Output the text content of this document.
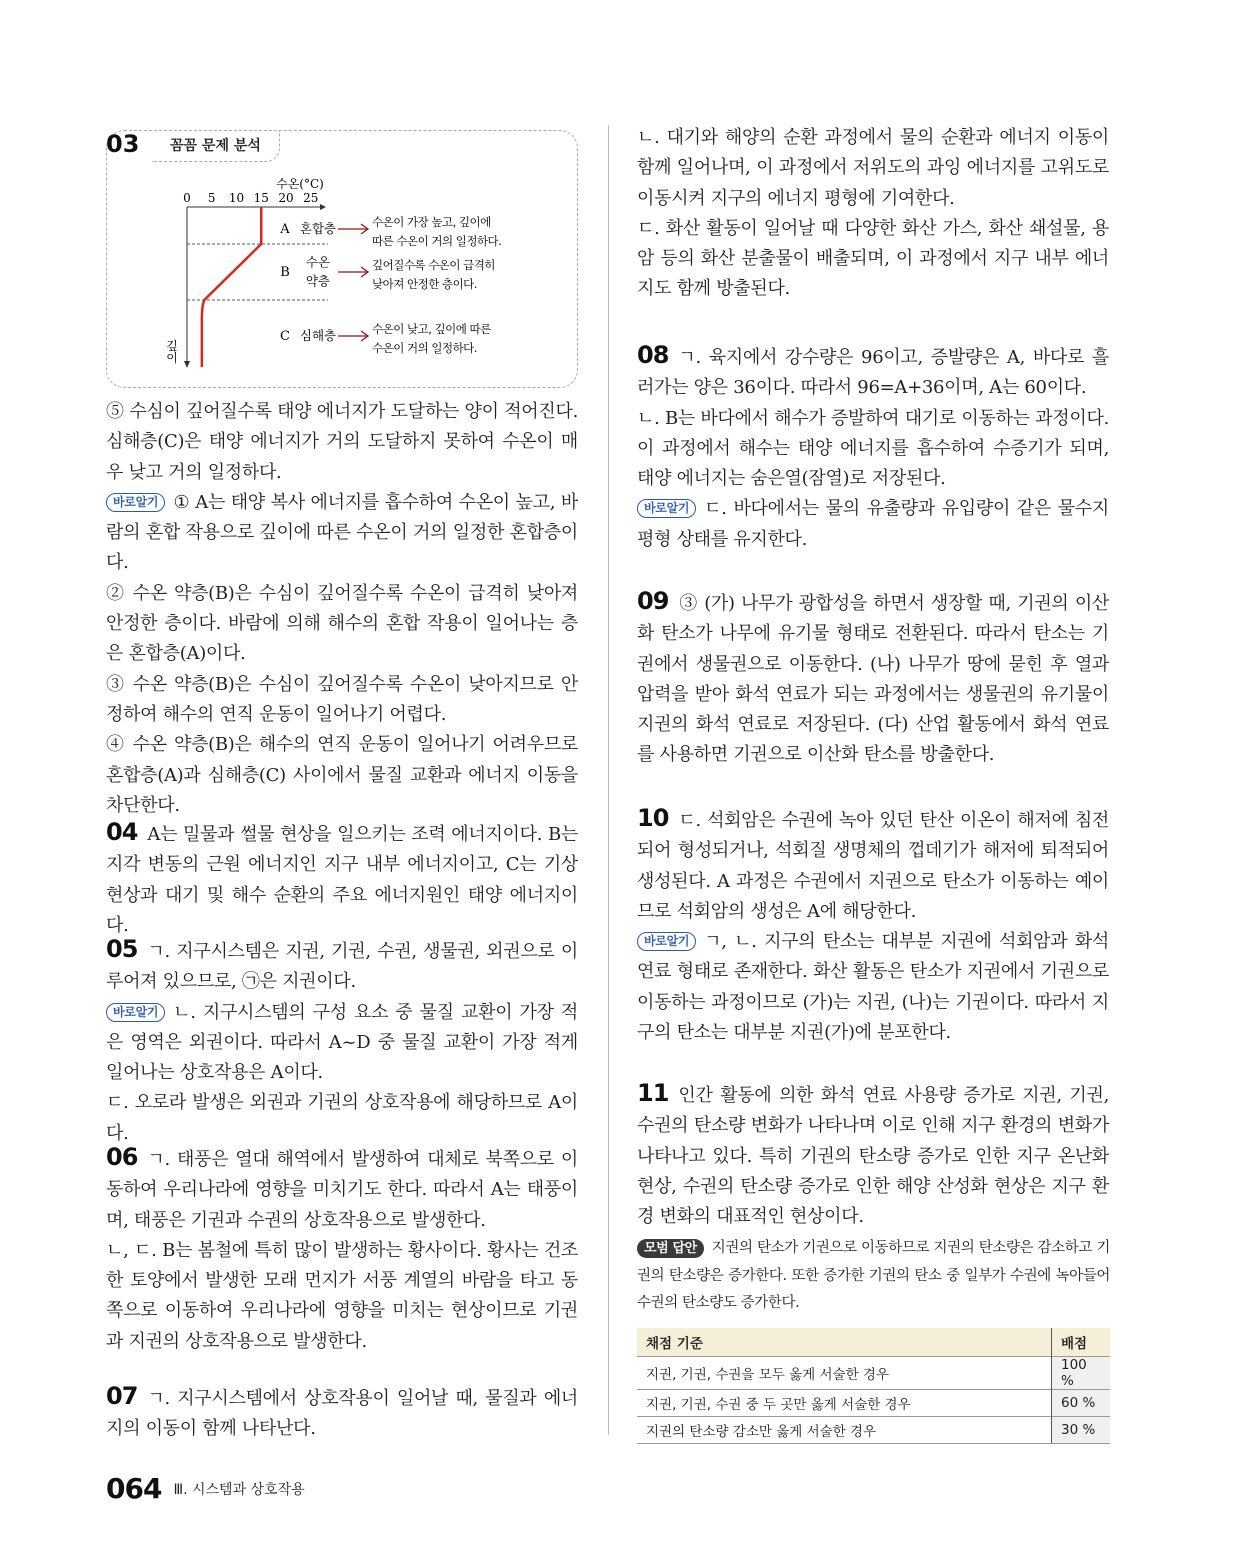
03	꼼꼼 문제 분석
수온(°C)
0 5 10 15 20 25
깊
이
A 혼합층	수온이 가장 높고, 깊이에
따른 수온이 거의 일정하다.
B
수온
약층
깊어질수록 수온이 급격히
낮아져 안정한 층이다.
C 심해층	수온이 낮고, 깊이에 따른
수온이 거의 일정하다.

⑤ 수심이 깊어질수록 태양 에너지가 도달하는 양이 적어진다. 심해층(C)은 태양 에너지가 거의 도달하지 못하여 수온이 매우 낮고 거의 일정하다.

바로알기 ① A는 태양 복사 에너지를 흡수하여 수온이 높고, 바람의 혼합 작용으로 깊이에 따른 수온이 거의 일정한 혼합층이다.

② 수온 약층(B)은 수심이 깊어질수록 수온이 급격히 낮아져 안정한 층이다. 바람에 의해 해수의 혼합 작용이 일어나는 층은 혼합층(A)이다.

③ 수온 약층(B)은 수심이 깊어질수록 수온이 낮아지므로 안정하여 해수의 연직 운동이 일어나기 어렵다.

④ 수온 약층(B)은 해수의 연직 운동이 일어나기 어려우므로 혼합층(A)과 심해층(C) 사이에서 물질 교환과 에너지 이동을 차단한다.

04 A는 밀물과 썰물 현상을 일으키는 조력 에너지이다. B는 지각 변동의 근원 에너지인 지구 내부 에너지이고, C는 기상 현상과 대기 및 해수 순환의 주요 에너지원인 태양 에너지이다.

05 ㄱ. 지구시스템은 지권, 기권, 수권, 생물권, 외권으로 이루어져 있으므로, ㉠은 지권이다.

바로알기 ㄴ. 지구시스템의 구성 요소 중 물질 교환이 가장 적은 영역은 외권이다. 따라서 A~D 중 물질 교환이 가장 적게 일어나는 상호작용은 A이다.

ㄷ. 오로라 발생은 외권과 기권의 상호작용에 해당하므로 A이다.

06 ㄱ. 태풍은 열대 해역에서 발생하여 대체로 북쪽으로 이동하여 우리나라에 영향을 미치기도 한다. 따라서 A는 태풍이며, 태풍은 기권과 수권의 상호작용으로 발생한다.

ㄴ, ㄷ. B는 봄철에 특히 많이 발생하는 황사이다. 황사는 건조한 토양에서 발생한 모래 먼지가 서풍 계열의 바람을 타고 동쪽으로 이동하여 우리나라에 영향을 미치는 현상이므로 기권과 지권의 상호작용으로 발생한다.

07 ㄱ. 지구시스템에서 상호작용이 일어날 때, 물질과 에너지의 이동이 함께 나타난다.

ㄴ. 대기와 해양의 순환 과정에서 물의 순환과 에너지 이동이 함께 일어나며, 이 과정에서 저위도의 과잉 에너지를 고위도로 이동시켜 지구의 에너지 평형에 기여한다.

ㄷ. 화산 활동이 일어날 때 다양한 화산 가스, 화산 쇄설물, 용암 등의 화산 분출물이 배출되며, 이 과정에서 지구 내부 에너지도 함께 방출된다.

08 ㄱ. 육지에서 강수량은 96이고, 증발량은 A, 바다로 흘러가는 양은 36이다. 따라서 96=A+36이며, A는 60이다.

ㄴ. B는 바다에서 해수가 증발하여 대기로 이동하는 과정이다. 이 과정에서 해수는 태양 에너지를 흡수하여 수증기가 되며, 태양 에너지는 숨은열(잠열)로 저장된다.

바로알기 ㄷ. 바다에서는 물의 유출량과 유입량이 같은 물수지 평형 상태를 유지한다.

09 ③ (가) 나무가 광합성을 하면서 생장할 때, 기권의 이산화 탄소가 나무에 유기물 형태로 전환된다. 따라서 탄소는 기권에서 생물권으로 이동한다. (나) 나무가 땅에 묻힌 후 열과 압력을 받아 화석 연료가 되는 과정에서는 생물권의 유기물이 지권의 화석 연료로 저장된다. (다) 산업 활동에서 화석 연료를 사용하면 기권으로 이산화 탄소를 방출한다.

10 ㄷ. 석회암은 수권에 녹아 있던 탄산 이온이 해저에 침전되어 형성되거나, 석회질 생명체의 껍데기가 해저에 퇴적되어 생성된다. A 과정은 수권에서 지권으로 탄소가 이동하는 예이므로 석회암의 생성은 A에 해당한다.

바로알기 ㄱ, ㄴ. 지구의 탄소는 대부분 지권에 석회암과 화석 연료 형태로 존재한다. 화산 활동은 탄소가 지권에서 기권으로 이동하는 과정이므로 (가)는 지권, (나)는 기권이다. 따라서 지구의 탄소는 대부분 지권(가)에 분포한다.

11 인간 활동에 의한 화석 연료 사용량 증가로 지권, 기권, 수권의 탄소량 변화가 나타나며 이로 인해 지구 환경의 변화가 나타나고 있다. 특히 기권의 탄소량 증가로 인한 지구 온난화 현상, 수권의 탄소량 증가로 인한 해양 산성화 현상은 지구 환경 변화의 대표적인 현상이다.

모범 답안 지권의 탄소가 기권으로 이동하므로 지권의 탄소량은 감소하고 기권의 탄소량은 증가한다. 또한 증가한 기권의 탄소 중 일부가 수권에 녹아들어 수권의 탄소량도 증가한다.
채점 기준	배점
지권, 기권, 수권을 모두 옳게 서술한 경우	100 %
지권, 기권, 수권 중 두 곳만 옳게 서술한 경우	60 %
지권의 탄소량 감소만 옳게 서술한 경우	30 %
064 Ⅲ. 시스템과 상호작용
